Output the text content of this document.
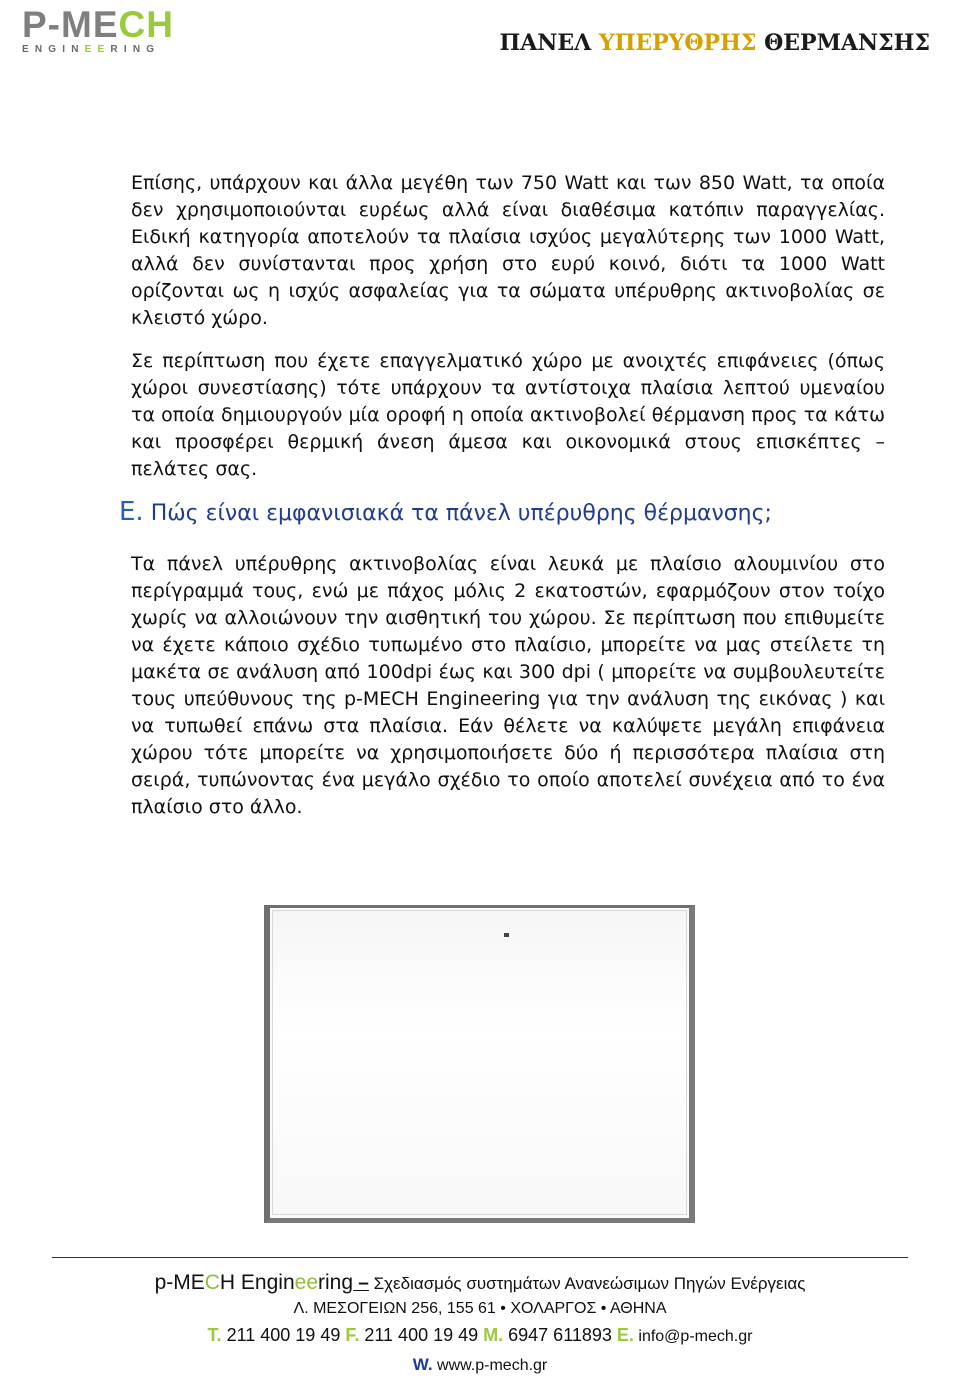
P-MECH
ENGINEERING	ΠΑΝΕΛ ΥΠΕΡΥΘΡΗΣ ΘΕΡΜΑΝΣΗΣ

Επίσης, υπάρχουν και άλλα μεγέθη των 750 Watt και των 850 Watt, τα οποία δεν χρησιμοποιούνται ευρέως αλλά είναι διαθέσιμα κατόπιν παραγγελίας. Ειδική κατηγορία αποτελούν τα πλαίσια ισχύος μεγαλύτερης των 1000 Watt, αλλά δεν συνίστανται προς χρήση στο ευρύ κοινό, διότι τα 1000 Watt ορίζονται ως η ισχύς ασφαλείας για τα σώματα υπέρυθρης ακτινοβολίας σε κλειστό χώρο.

Σε περίπτωση που έχετε επαγγελματικό χώρο με ανοιχτές επιφάνειες (όπως χώροι συνεστίασης) τότε υπάρχουν τα αντίστοιχα πλαίσια λεπτού υμεναίου τα οποία δημιουργούν μία οροφή η οποία ακτινοβολεί θέρμανση προς τα κάτω και προσφέρει θερμική άνεση άμεσα και οικονομικά στους επισκέπτες – πελάτες σας.

E. Πώς είναι εμφανισιακά τα πάνελ υπέρυθρης θέρμανσης;

Τα πάνελ υπέρυθρης ακτινοβολίας είναι λευκά με πλαίσιο αλουμινίου στο περίγραμμά τους, ενώ με πάχος μόλις 2 εκατοστών, εφαρμόζουν στον τοίχο χωρίς να αλλοιώνουν την αισθητική του χώρου. Σε περίπτωση που επιθυμείτε να έχετε κάποιο σχέδιο τυπωμένο στο πλαίσιο, μπορείτε να μας στείλετε τη μακέτα σε ανάλυση από 100dpi έως και 300 dpi ( μπορείτε να συμβουλευτείτε τους υπεύθυνους της p-MECH Engineering για την ανάλυση της εικόνας ) και να τυπωθεί επάνω στα πλαίσια. Εάν θέλετε να καλύψετε μεγάλη επιφάνεια χώρου τότε μπορείτε να χρησιμοποιήσετε δύο ή περισσότερα πλαίσια στη σειρά, τυπώνοντας ένα μεγάλο σχέδιο το οποίο αποτελεί συνέχεια από το ένα πλαίσιο στο άλλο.

p-MECH Engineering – Σχεδιασμός συστημάτων Ανανεώσιμων Πηγών Ενέργειας
Λ. ΜΕΣΟΓΕΙΩΝ 256, 155 61 • ΧΟΛΑΡΓΟΣ • ΑΘΗΝΑ
T. 211 400 19 49 F. 211 400 19 49 M. 6947 611893 E. info@p-mech.gr
W. www.p-mech.gr
